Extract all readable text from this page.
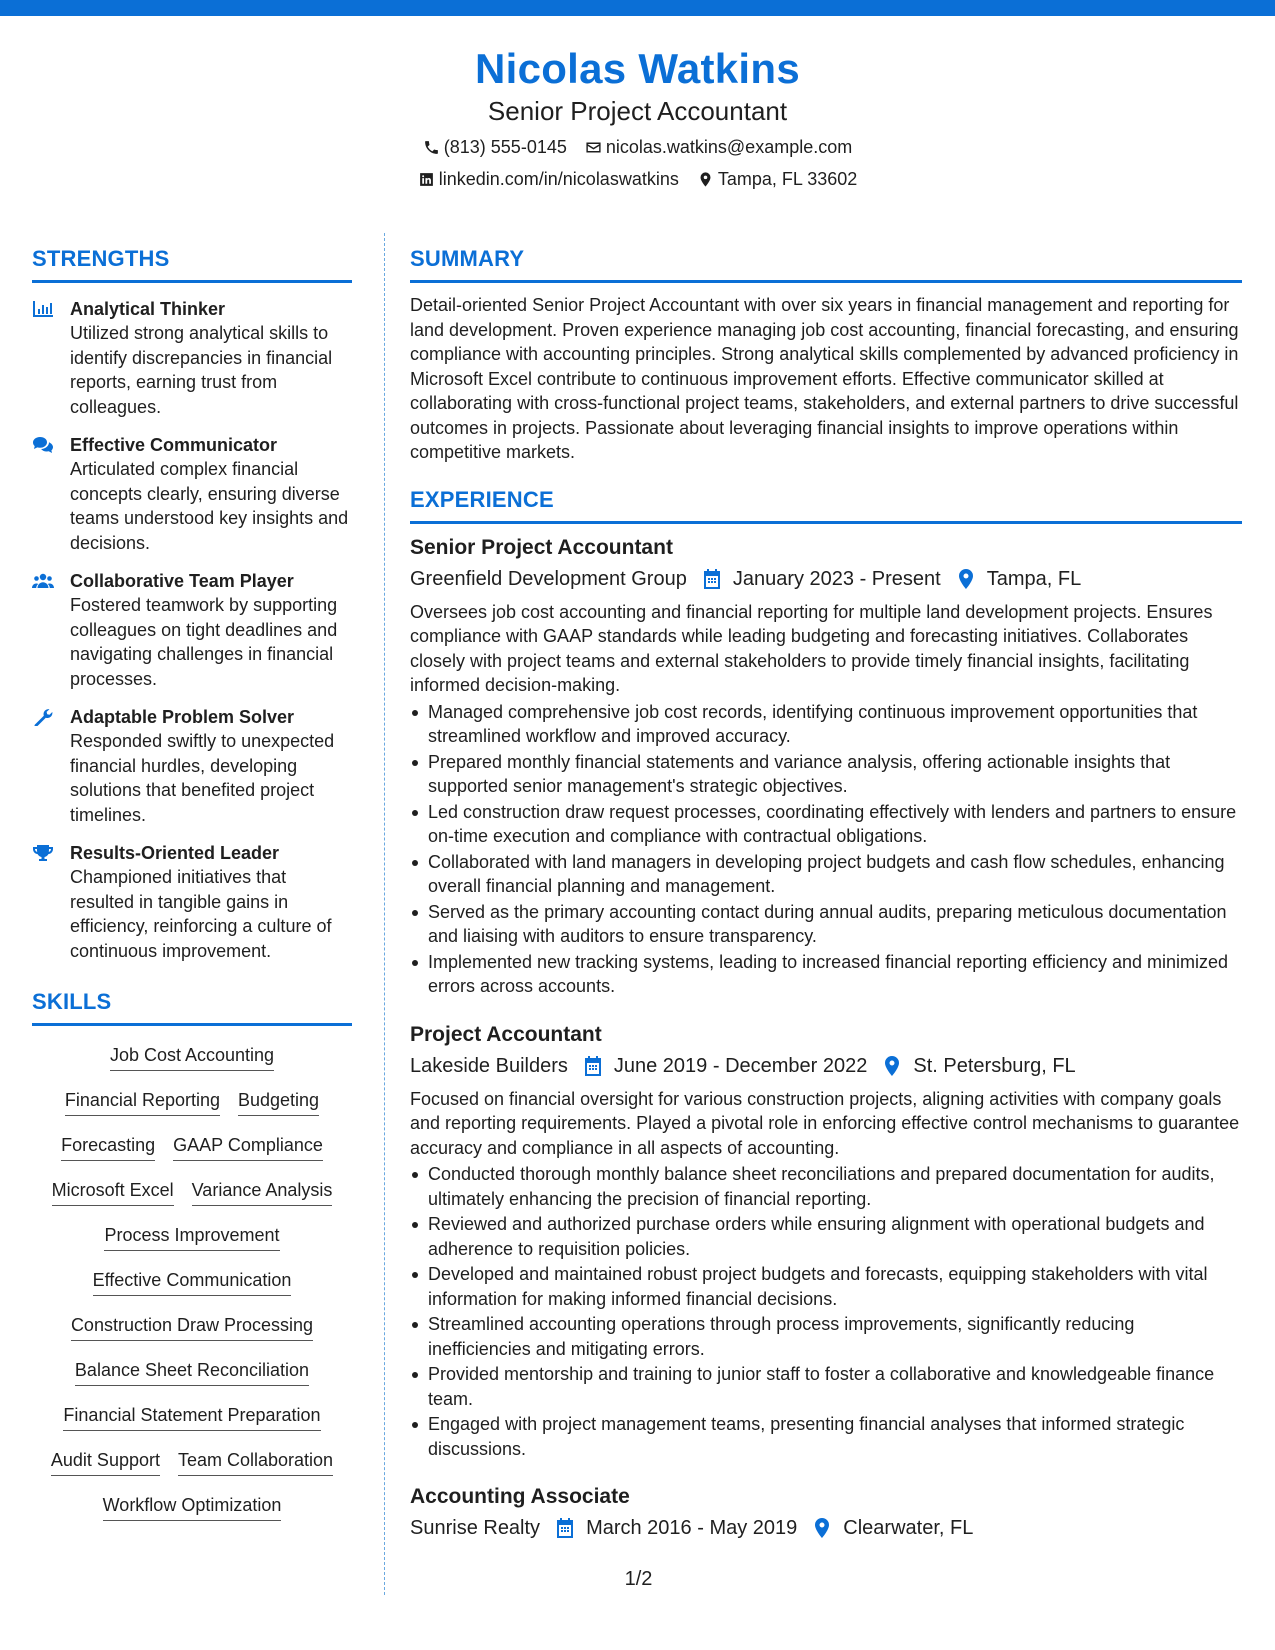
Nicolas Watkins
Senior Project Accountant
(813) 555-0145 nicolas.watkins@example.com
linkedin.com/in/nicolaswatkins Tampa, FL 33602
STRENGTHS
Analytical Thinker
Utilized strong analytical skills to identify discrepancies in financial reports, earning trust from colleagues.
Effective Communicator
Articulated complex financial concepts clearly, ensuring diverse teams understood key insights and decisions.
Collaborative Team Player
Fostered teamwork by supporting colleagues on tight deadlines and navigating challenges in financial processes.
Adaptable Problem Solver
Responded swiftly to unexpected financial hurdles, developing solutions that benefited project timelines.
Results-Oriented Leader
Championed initiatives that resulted in tangible gains in efficiency, reinforcing a culture of continuous improvement.
SKILLS
Job Cost Accounting
Financial Reporting Budgeting
Forecasting GAAP Compliance
Microsoft Excel Variance Analysis
Process Improvement
Effective Communication
Construction Draw Processing
Balance Sheet Reconciliation
Financial Statement Preparation
Audit Support Team Collaboration
Workflow Optimization
SUMMARY
Detail-oriented Senior Project Accountant with over six years in financial management and reporting for land development. Proven experience managing job cost accounting, financial forecasting, and ensuring compliance with accounting principles. Strong analytical skills complemented by advanced proficiency in Microsoft Excel contribute to continuous improvement efforts. Effective communicator skilled at collaborating with cross-functional project teams, stakeholders, and external partners to drive successful outcomes in projects. Passionate about leveraging financial insights to improve operations within competitive markets.
EXPERIENCE
Senior Project Accountant
Greenfield Development Group January 2023 - Present Tampa, FL
Oversees job cost accounting and financial reporting for multiple land development projects. Ensures compliance with GAAP standards while leading budgeting and forecasting initiatives. Collaborates closely with project teams and external stakeholders to provide timely financial insights, facilitating informed decision-making.
Managed comprehensive job cost records, identifying continuous improvement opportunities that streamlined workflow and improved accuracy.
Prepared monthly financial statements and variance analysis, offering actionable insights that supported senior management's strategic objectives.
Led construction draw request processes, coordinating effectively with lenders and partners to ensure on-time execution and compliance with contractual obligations.
Collaborated with land managers in developing project budgets and cash flow schedules, enhancing overall financial planning and management.
Served as the primary accounting contact during annual audits, preparing meticulous documentation and liaising with auditors to ensure transparency.
Implemented new tracking systems, leading to increased financial reporting efficiency and minimized errors across accounts.
Project Accountant
Lakeside Builders June 2019 - December 2022 St. Petersburg, FL
Focused on financial oversight for various construction projects, aligning activities with company goals and reporting requirements. Played a pivotal role in enforcing effective control mechanisms to guarantee accuracy and compliance in all aspects of accounting.
Conducted thorough monthly balance sheet reconciliations and prepared documentation for audits, ultimately enhancing the precision of financial reporting.
Reviewed and authorized purchase orders while ensuring alignment with operational budgets and adherence to requisition policies.
Developed and maintained robust project budgets and forecasts, equipping stakeholders with vital information for making informed financial decisions.
Streamlined accounting operations through process improvements, significantly reducing inefficiencies and mitigating errors.
Provided mentorship and training to junior staff to foster a collaborative and knowledgeable finance team.
Engaged with project management teams, presenting financial analyses that informed strategic discussions.
Accounting Associate
Sunrise Realty March 2016 - May 2019 Clearwater, FL
1/2
